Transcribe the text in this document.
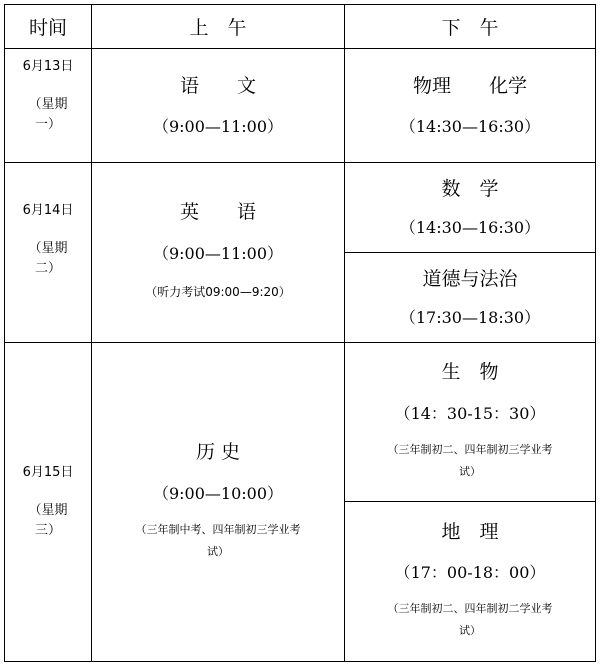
时间	上　午	下　午
6月13日
（星期
一）
语　　文
（9:00—11:00）
物理　　化学
（14:30—16:30）
6月14日
（星期
二）
英　　语
（9:00—11:00）
（听力考试09:00—9:20）
数　学
（14:30—16:30）
道德与法治
（17:30—18:30）
6月15日
（星期
三）
历 史
（9:00—10:00）
（三年制中考、四年制初三学业考
试）
生　物
（14：30-15：30）
（三年制初二、四年制初三学业考
试）
地　理
（17：00-18：00）
（三年制初二、四年制初二学业考
试）
